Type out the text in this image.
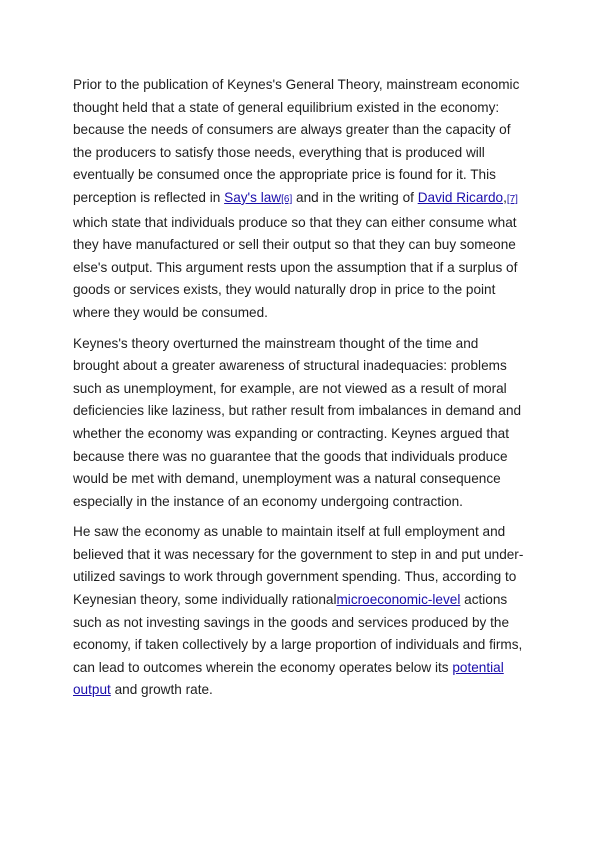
Prior to the publication of Keynes's General Theory, mainstream economic thought held that a state of general equilibrium existed in the economy: because the needs of consumers are always greater than the capacity of the producers to satisfy those needs, everything that is produced will eventually be consumed once the appropriate price is found for it. This perception is reflected in Say's law[6] and in the writing of David Ricardo,[7] which state that individuals produce so that they can either consume what they have manufactured or sell their output so that they can buy someone else's output. This argument rests upon the assumption that if a surplus of goods or services exists, they would naturally drop in price to the point where they would be consumed.

Keynes's theory overturned the mainstream thought of the time and brought about a greater awareness of structural inadequacies: problems such as unemployment, for example, are not viewed as a result of moral deficiencies like laziness, but rather result from imbalances in demand and whether the economy was expanding or contracting. Keynes argued that because there was no guarantee that the goods that individuals produce would be met with demand, unemployment was a natural consequence especially in the instance of an economy undergoing contraction.

He saw the economy as unable to maintain itself at full employment and believed that it was necessary for the government to step in and put under-utilized savings to work through government spending. Thus, according to Keynesian theory, some individually rationalmicroeconomic-level actions such as not investing savings in the goods and services produced by the economy, if taken collectively by a large proportion of individuals and firms, can lead to outcomes wherein the economy operates below its potential output and growth rate.
